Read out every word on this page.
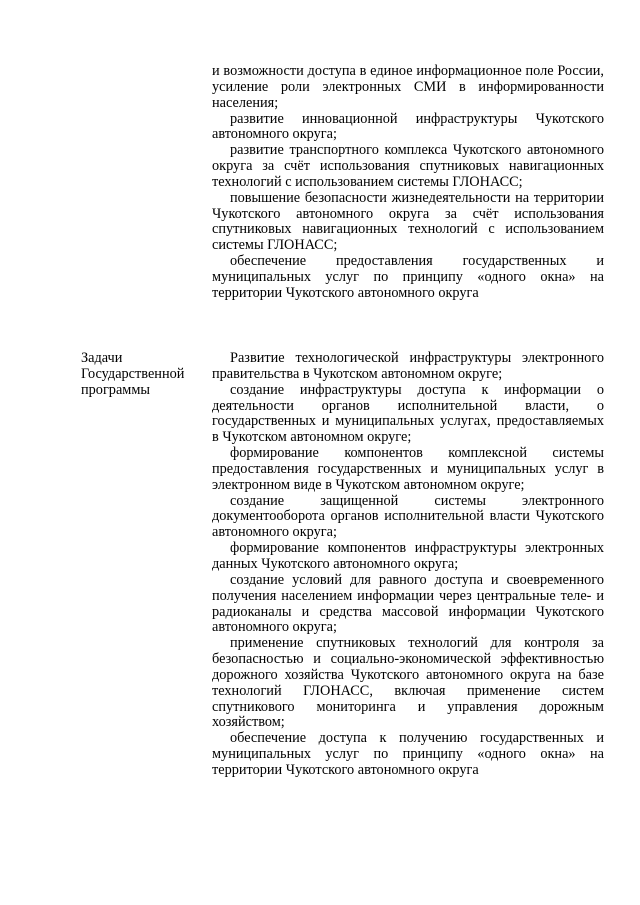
и возможности доступа в единое информационное поле России, усиление роли электронных СМИ в информированности населения;

развитие инновационной инфраструктуры Чукотского автономного округа;

развитие транспортного комплекса Чукотского автономного округа за счёт использования спутниковых навигационных технологий с использованием системы ГЛОНАСС;

повышение безопасности жизнедеятельности на территории Чукотского автономного округа за счёт использования спутниковых навигационных технологий с использованием системы ГЛОНАСС;

обеспечение предоставления государственных и муниципальных услуг по принципу «одного окна» на территории Чукотского автономного округа

Задачи
Государственной
программы

Развитие технологической инфраструктуры электронного правительства в Чукотском автономном округе;

создание инфраструктуры доступа к информации о деятельности органов исполнительной власти, о государственных и муниципальных услугах, предоставляемых в Чукотском автономном округе;

формирование компонентов комплексной системы предоставления государственных и муниципальных услуг в электронном виде в Чукотском автономном округе;

создание защищенной системы электронного документооборота органов исполнительной власти Чукотского автономного округа;

формирование компонентов инфраструктуры электронных данных Чукотского автономного округа;

создание условий для равного доступа и своевременного получения населением информации через центральные теле- и радиоканалы и средства массовой информации Чукотского автономного округа;

применение спутниковых технологий для контроля за безопасностью и социально-экономической эффективностью дорожного хозяйства Чукотского автономного округа на базе технологий ГЛОНАСС, включая применение систем спутникового мониторинга и управления дорожным хозяйством;

обеспечение доступа к получению государственных и муниципальных услуг по принципу «одного окна» на территории Чукотского автономного округа
